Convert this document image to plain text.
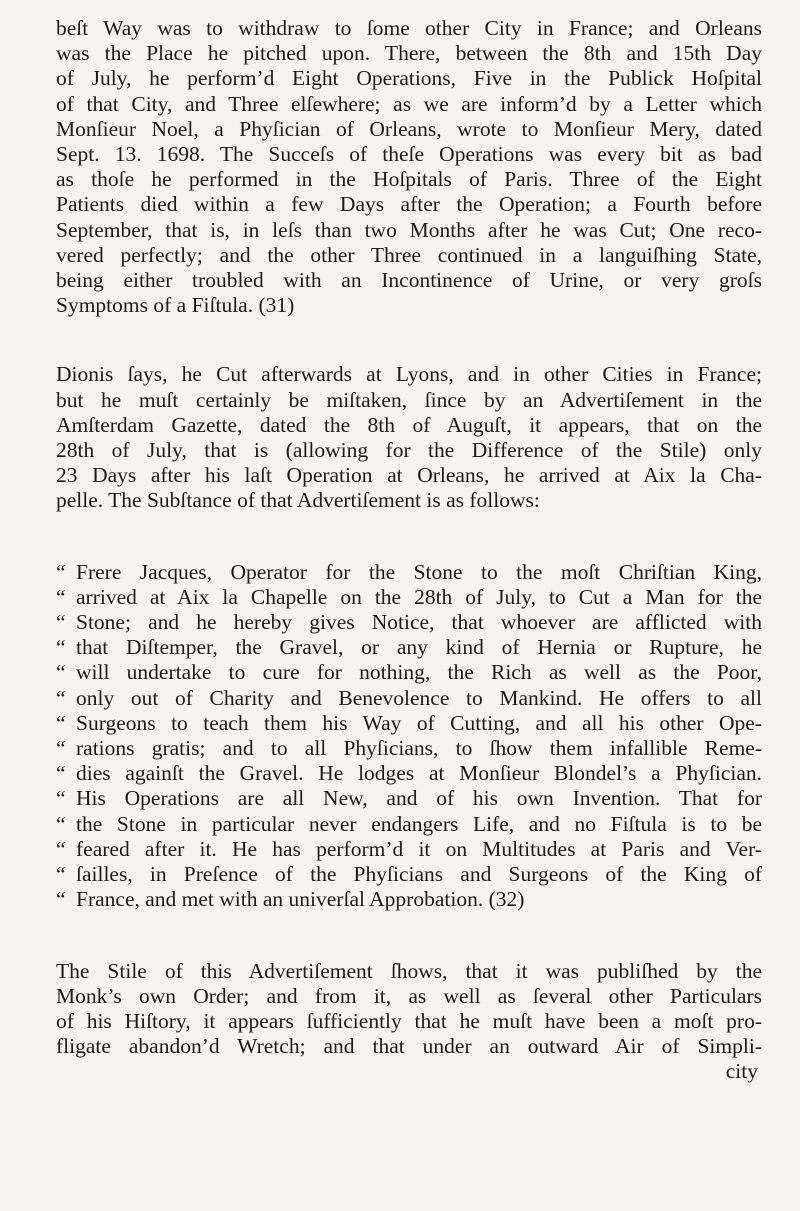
beſt Way was to withdraw to ſome other City in France; and Orleans
was the Place he pitched upon. There, between the 8th and 15th Day
of July, he perform’d Eight Operations, Five in the Publick Hoſpital
of that City, and Three elſewhere; as we are inform’d by a Letter which
Monſieur Noel, a Phyſician of Orleans, wrote to Monſieur Mery, dated
Sept. 13. 1698. The Succeſs of theſe Operations was every bit as bad
as thoſe he performed in the Hoſpitals of Paris. Three of the Eight
Patients died within a few Days after the Operation; a Fourth before
September, that is, in leſs than two Months after he was Cut; One reco-
vered perfectly; and the other Three continued in a languiſhing State,
being either troubled with an Incontinence of Urine, or very groſs
Symptoms of a Fiſtula. (31)
Dionis ſays, he Cut afterwards at Lyons, and in other Cities in France;
but he muſt certainly be miſtaken, ſince by an Advertiſement in the
Amſterdam Gazette, dated the 8th of Auguſt, it appears, that on the
28th of July, that is (allowing for the Difference of the Stile) only
23 Days after his laſt Operation at Orleans, he arrived at Aix la Cha-
pelle. The Subſtance of that Advertiſement is as follows:
“ Frere Jacques, Operator for the Stone to the moſt Chriſtian King,
“ arrived at Aix la Chapelle on the 28th of July, to Cut a Man for the
“ Stone; and he hereby gives Notice, that whoever are afflicted with
“ that Diſtemper, the Gravel, or any kind of Hernia or Rupture, he
“ will undertake to cure for nothing, the Rich as well as the Poor,
“ only out of Charity and Benevolence to Mankind. He offers to all
“ Surgeons to teach them his Way of Cutting, and all his other Ope-
“ rations gratis; and to all Phyſicians, to ſhow them infallible Reme-
“ dies againſt the Gravel. He lodges at Monſieur Blondel’s a Phyſician.
“ His Operations are all New, and of his own Invention. That for
“ the Stone in particular never endangers Life, and no Fiſtula is to be
“ feared after it. He has perform’d it on Multitudes at Paris and Ver-
“ ſailles, in Preſence of the Phyſicians and Surgeons of the King of
“ France, and met with an univerſal Approbation. (32)
The Stile of this Advertiſement ſhows, that it was publiſhed by the
Monk’s own Order; and from it, as well as ſeveral other Particulars
of his Hiſtory, it appears ſufficiently that he muſt have been a moſt pro-
fligate abandon’d Wretch; and that under an outward Air of Simpli-
city
